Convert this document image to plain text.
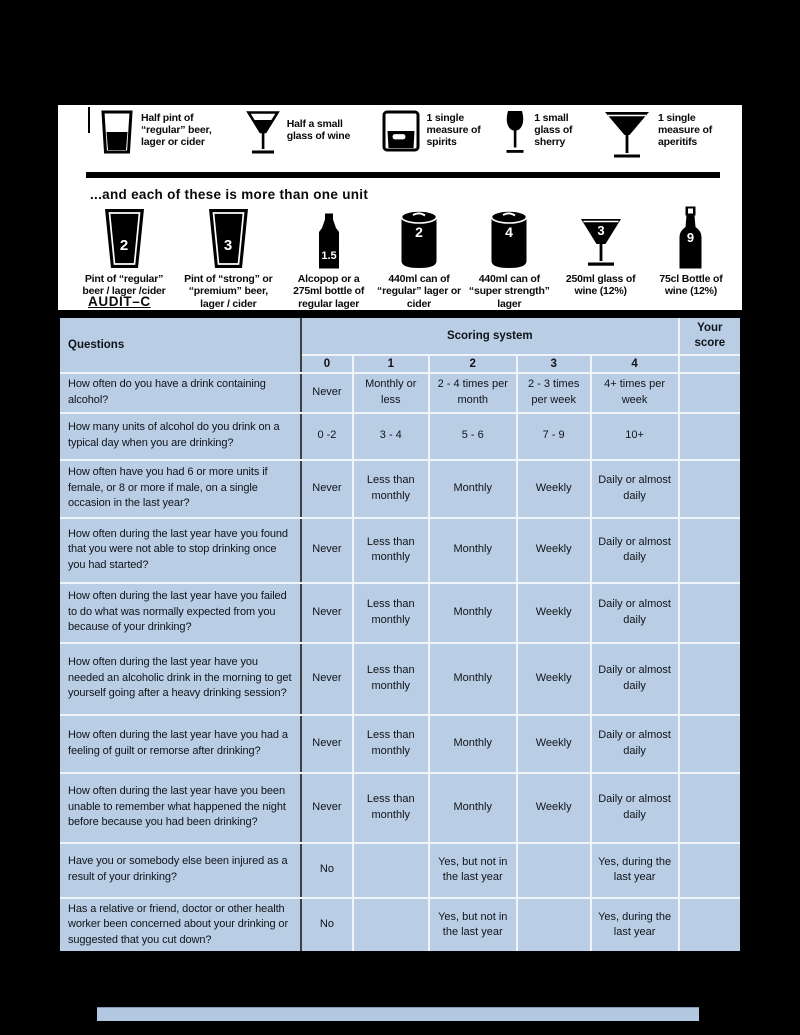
Half pint of “regular” beer, lager or cider
Half a small glass of wine
1 single measure of spirits
1 small glass of sherry
1 single measure of aperitifs
...and each of these is more than one unit
2
Pint of “regular” beer / lager /cider
3
Pint of “strong” or “premium” beer, lager / cider
1.5
Alcopop or a 275ml bottle of regular lager
2
440ml can of “regular” lager or cider
4
440ml can of “super strength” lager
3
250ml glass of wine (12%)
9
75cl Bottle of wine (12%)
AUDIT–C
Questions	Scoring system					Your score
	0	1	2	3	4	
How often do you have a drink containing alcohol?	Never	Monthly or less	2 - 4 times per month	2 - 3 times per week	4+ times per week	
How many units of alcohol do you drink on a typical day when you are drinking?	0 -2	3 - 4	5 - 6	7 - 9	10+	
How often have you had 6 or more units if female, or 8 or more if male, on a single occasion in the last year?	Never	Less than monthly	Monthly	Weekly	Daily or almost daily	
How often during the last year have you found that you were not able to stop drinking once you had started?	Never	Less than monthly	Monthly	Weekly	Daily or almost daily	
How often during the last year have you failed to do what was normally expected from you because of your drinking?	Never	Less than monthly	Monthly	Weekly	Daily or almost daily	
How often during the last year have you needed an alcoholic drink in the morning to get yourself going after a heavy drinking session?	Never	Less than monthly	Monthly	Weekly	Daily or almost daily	
How often during the last year have you had a feeling of guilt or remorse after drinking?	Never	Less than monthly	Monthly	Weekly	Daily or almost daily	
How often during the last year have you been unable to remember what happened the night before because you had been drinking?	Never	Less than monthly	Monthly	Weekly	Daily or almost daily	
Have you or somebody else been injured as a result of your drinking?	No		Yes, but not in the last year		Yes, during the last year	
Has a relative or friend, doctor or other health worker been concerned about your drinking or suggested that you cut down?	No		Yes, but not in the last year		Yes, during the last year	
